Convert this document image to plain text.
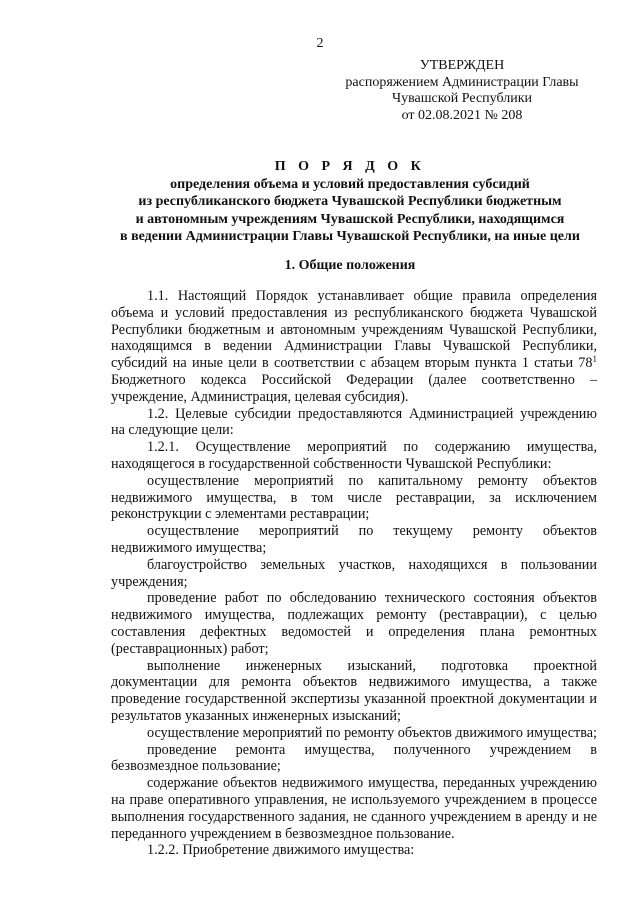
2
УТВЕРЖДЕН
распоряжением Администрации Главы
Чувашской Республики
от 02.08.2021 № 208
П О Р Я Д О К
определения объема и условий предоставления субсидий
из республиканского бюджета Чувашской Республики бюджетным
и автономным учреждениям Чувашской Республики, находящимся
в ведении Администрации Главы Чувашской Республики, на иные цели
1. Общие положения

1.1. Настоящий Порядок устанавливает общие правила определения объема и условий предоставления из республиканского бюджета Чувашской Республики бюджетным и автономным учреждениям Чувашской Республики, находящимся в ведении Администрации Главы Чувашской Республики, субсидий на иные цели в соответствии с абзацем вторым пункта 1 статьи $78^1$ Бюджетного кодекса Российской Федерации (далее соответственно – учреждение, Администрация, целевая субсидия).

1.2. Целевые субсидии предоставляются Администрацией учреждению на следующие цели:

1.2.1. Осуществление мероприятий по содержанию имущества, находящегося в государственной собственности Чувашской Республики:

осуществление мероприятий по капитальному ремонту объектов недвижимого имущества, в том числе реставрации, за исключением реконструкции с элементами реставрации;

осуществление мероприятий по текущему ремонту объектов недвижимого имущества;

благоустройство земельных участков, находящихся в пользовании учреждения;

проведение работ по обследованию технического состояния объектов недвижимого имущества, подлежащих ремонту (реставрации), с целью составления дефектных ведомостей и определения плана ремонтных (реставрационных) работ;

выполнение инженерных изысканий, подготовка проектной документации для ремонта объектов недвижимого имущества, а также проведение государственной экспертизы указанной проектной документации и результатов указанных инженерных изысканий;

осуществление мероприятий по ремонту объектов движимого имущества;

проведение ремонта имущества, полученного учреждением в безвозмездное пользование;

содержание объектов недвижимого имущества, переданных учреждению на праве оперативного управления, не используемого учреждением в процессе выполнения государственного задания, не сданного учреждением в аренду и не переданного учреждением в безвозмездное пользование.

1.2.2. Приобретение движимого имущества:
